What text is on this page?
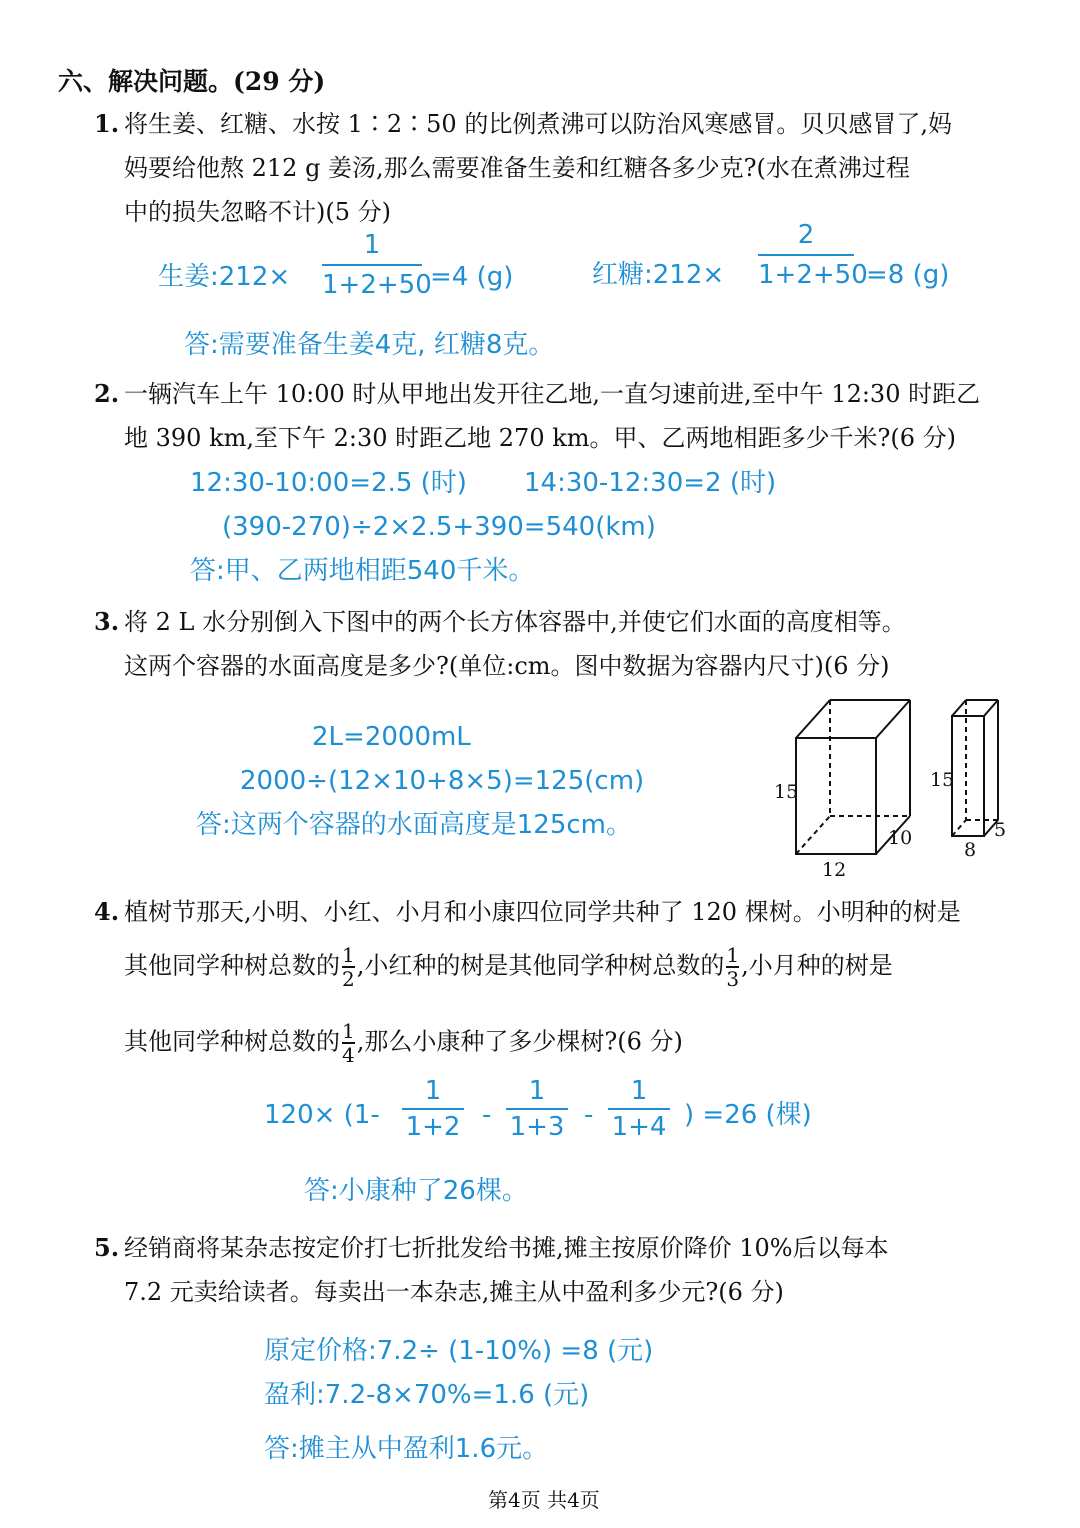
六、解决问题。(29 分)
1. 将生姜、红糖、水按 1∶2∶50 的比例煮沸可以防治风寒感冒。贝贝感冒了,妈
妈要给他熬 212 g 姜汤,那么需要准备生姜和红糖各多少克?(水在煮沸过程
中的损失忽略不计)(5 分)
生姜:212×
1
1+2+50
=4 (g)	红糖:212×
2
1+2+50
=8 (g)
答:需要准备生姜4克, 红糖8克。
2. 一辆汽车上午 10:00 时从甲地出发开往乙地,一直匀速前进,至中午 12:30 时距乙
地 390 km,至下午 2:30 时距乙地 270 km。甲、乙两地相距多少千米?(6 分)
12:30-10:00=2.5 (时) 14:30-12:30=2 (时)
(390-270)÷2×2.5+390=540(km)
答:甲、乙两地相距540千米。
3. 将 2 L 水分别倒入下图中的两个长方体容器中,并使它们水面的高度相等。
这两个容器的水面高度是多少?(单位:cm。图中数据为容器内尺寸)(6 分)
2L=2000mL
2000÷(12×10+8×5)=125(cm)
答:这两个容器的水面高度是125cm。
15
10
12
15
5
8
4. 植树节那天,小明、小红、小月和小康四位同学共种了 120 棵树。小明种的树是
其他同学种树总数的 $\frac{1}{2}$,小红种的树是其他同学种树总数的 $\frac{1}{3}$,小月种的树是
其他同学种树总数的 $\frac{1}{4}$,那么小康种了多少棵树?(6 分)
120× (1-
1
1+2 -
1
1+3 -
1
1+4 ) =26 (棵)
答:小康种了26棵。
5. 经销商将某杂志按定价打七折批发给书摊,摊主按原价降价 10%后以每本
7.2 元卖给读者。每卖出一本杂志,摊主从中盈利多少元?(6 分)
原定价格:7.2÷ (1-10%) =8 (元)
盈利:7.2-8×70%=1.6 (元)
答:摊主从中盈利1.6元。
第4页 共4页
